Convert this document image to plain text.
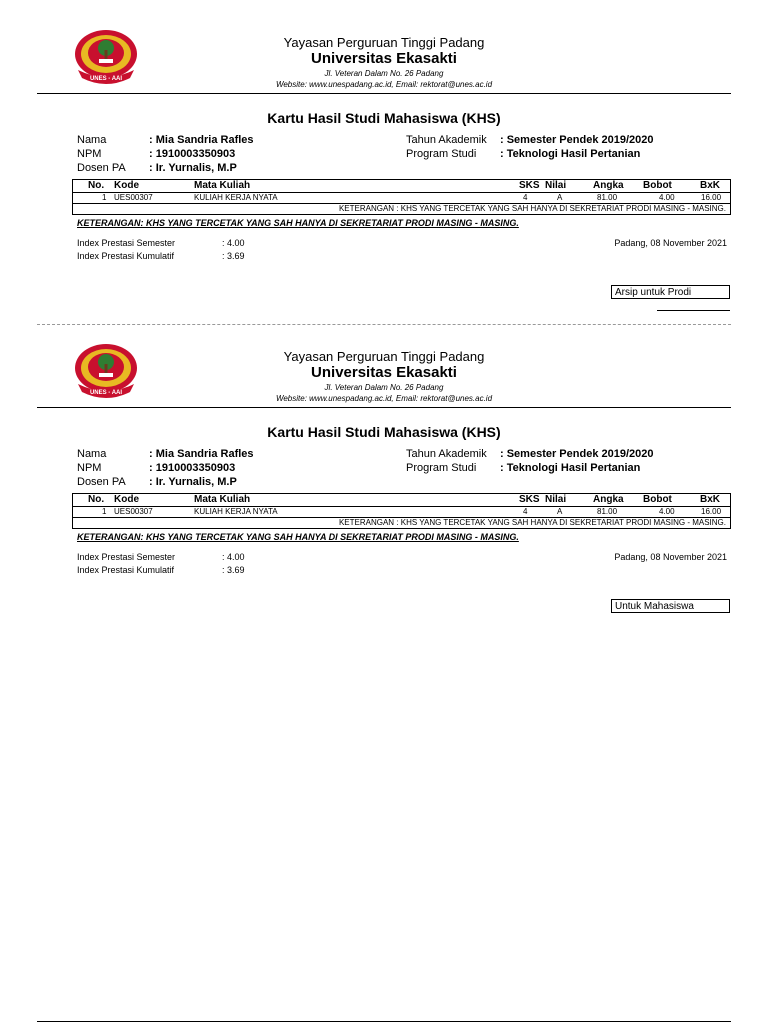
UNES - AAI
Yayasan Perguruan Tinggi Padang
Universitas Ekasakti
Jl. Veteran Dalam No. 26 Padang
Website: www.unespadang.ac.id, Email: rektorat@unes.ac.id
Kartu Hasil Studi Mahasiswa (KHS)
Nama	: Mia Sandria Rafles
NPM	: 1910003350903
Dosen PA : Ir. Yurnalis, M.P
Tahun Akademik : Semester Pendek 2019/2020
Program Studi : Teknologi Hasil Pertanian
No. Kode	Mata Kuliah	SKS Nilai	Angka Bobot	BxK
1 UES00307	KULIAH KERJA NYATA	4	A	81.00	4.00	16.00
KETERANGAN : KHS YANG TERCETAK YANG SAH HANYA DI SEKRETARIAT PRODI MASING - MASING.
KETERANGAN: KHS YANG TERCETAK YANG SAH HANYA DI SEKRETARIAT PRODI MASING - MASING.
Index Prestasi Semester	: 4.00
Index Prestasi Kumulatif	: 3.69
Padang, 08 November 2021
Arsip untuk Prodi
UNES - AAI
Yayasan Perguruan Tinggi Padang
Universitas Ekasakti
Jl. Veteran Dalam No. 26 Padang
Website: www.unespadang.ac.id, Email: rektorat@unes.ac.id
Kartu Hasil Studi Mahasiswa (KHS)
Nama	: Mia Sandria Rafles
NPM	: 1910003350903
Dosen PA : Ir. Yurnalis, M.P
Tahun Akademik : Semester Pendek 2019/2020
Program Studi : Teknologi Hasil Pertanian
No. Kode	Mata Kuliah	SKS Nilai	Angka Bobot	BxK
1 UES00307	KULIAH KERJA NYATA	4	A	81.00	4.00	16.00
KETERANGAN : KHS YANG TERCETAK YANG SAH HANYA DI SEKRETARIAT PRODI MASING - MASING.
KETERANGAN: KHS YANG TERCETAK YANG SAH HANYA DI SEKRETARIAT PRODI MASING - MASING.
Index Prestasi Semester	: 4.00
Index Prestasi Kumulatif	: 3.69
Padang, 08 November 2021
Untuk Mahasiswa
